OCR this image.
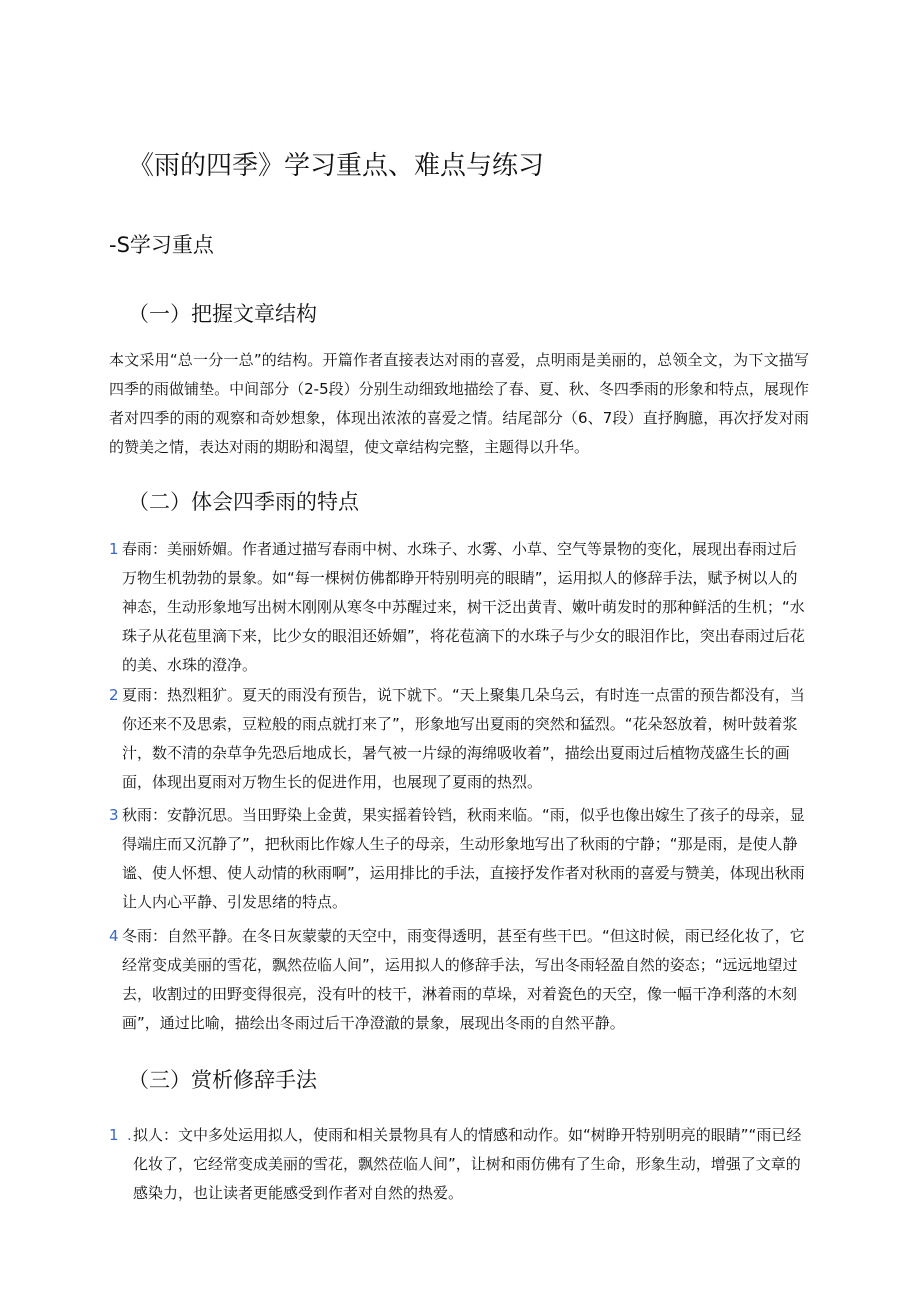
《雨的四季》学习重点、难点与练习
-S学习重点
（一）把握文章结构

本文采用“总一分一总”的结构。开篇作者直接表达对雨的喜爱，点明雨是美丽的，总领全文，为下文描写四季的雨做铺垫。中间部分（2-5段）分别生动细致地描绘了春、夏、秋、冬四季雨的形象和特点，展现作者对四季的雨的观察和奇妙想象，体现出浓浓的喜爱之情。结尾部分（6、7段）直抒胸臆，再次抒发对雨的赞美之情，表达对雨的期盼和渴望，使文章结构完整，主题得以升华。

（二）体会四季雨的特点
1 春雨：美丽娇媚。作者通过描写春雨中树、水珠子、水雾、小草、空气等景物的变化，展现出春雨过后万物生机勃勃的景象。如“每一棵树仿佛都睁开特别明亮的眼睛”，运用拟人的修辞手法，赋予树以人的神态，生动形象地写出树木刚刚从寒冬中苏醒过来，树干泛出黄青、嫩叶萌发时的那种鲜活的生机；“水珠子从花苞里滴下来，比少女的眼泪还娇媚”，将花苞滴下的水珠子与少女的眼泪作比，突出春雨过后花的美、水珠的澄净。
2 夏雨：热烈粗犷。夏天的雨没有预告，说下就下。“天上聚集几朵乌云，有时连一点雷的预告都没有，当你还来不及思索，豆粒般的雨点就打来了”，形象地写出夏雨的突然和猛烈。“花朵怒放着，树叶鼓着浆汁，数不清的杂草争先恐后地成长，暑气被一片绿的海绵吸收着”，描绘出夏雨过后植物茂盛生长的画面，体现出夏雨对万物生长的促进作用，也展现了夏雨的热烈。
3 秋雨：安静沉思。当田野染上金黄，果实摇着铃铛，秋雨来临。“雨，似乎也像出嫁生了孩子的母亲，显得端庄而又沉静了”，把秋雨比作嫁人生子的母亲，生动形象地写出了秋雨的宁静；“那是雨，是使人静谧、使人怀想、使人动情的秋雨啊”，运用排比的手法，直接抒发作者对秋雨的喜爱与赞美，体现出秋雨让人内心平静、引发思绪的特点。
4 冬雨：自然平静。在冬日灰蒙蒙的天空中，雨变得透明，甚至有些干巴。“但这时候，雨已经化妆了，它经常变成美丽的雪花，飘然莅临人间”，运用拟人的修辞手法，写出冬雨轻盈自然的姿态；“远远地望过去，收割过的田野变得很亮，没有叶的枝干，淋着雨的草垛，对着瓷色的天空，像一幅干净利落的木刻画”，通过比喻，描绘出冬雨过后干净澄澈的景象，展现出冬雨的自然平静。
（三）赏析修辞手法
1 . 拟人：文中多处运用拟人，使雨和相关景物具有人的情感和动作。如“树睁开特别明亮的眼睛”“雨已经化妆了，它经常变成美丽的雪花，飘然莅临人间”，让树和雨仿佛有了生命，形象生动，增强了文章的感染力，也让读者更能感受到作者对自然的热爱。
